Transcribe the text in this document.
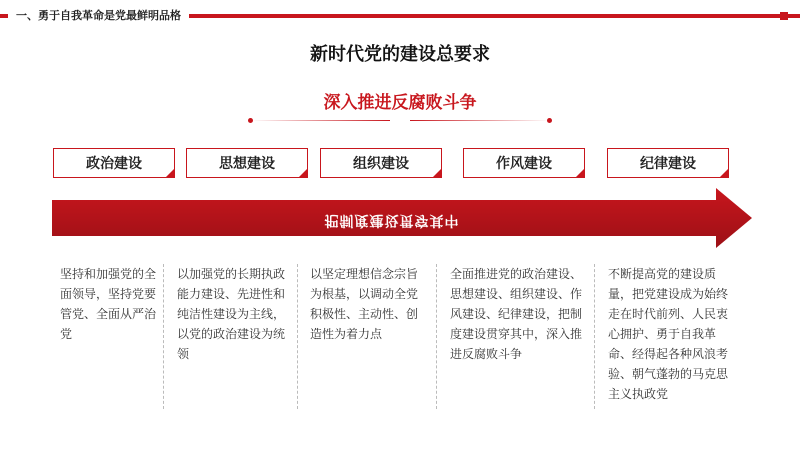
一、勇于自我革命是党最鲜明品格
新时代党的建设总要求
深入推进反腐败斗争
政治建设	思想建设	组织建设	作风建设	纪律建设
把制度建设贯穿其中

坚持和加强党的全面领导，坚持党要管党、全面从严治党

以加强党的长期执政能力建设、先进性和纯洁性建设为主线，以党的政治建设为统领

以坚定理想信念宗旨为根基，以调动全党积极性、主动性、创造性为着力点

全面推进党的政治建设、思想建设、组织建设、作风建设、纪律建设，把制度建设贯穿其中，深入推进反腐败斗争

不断提高党的建设质量，把党建设成为始终走在时代前列、人民衷心拥护、勇于自我革命、经得起各种风浪考验、朝气蓬勃的马克思主义执政党
